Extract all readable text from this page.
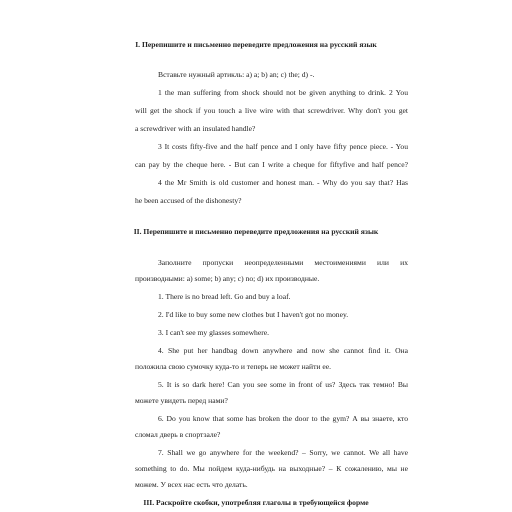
I. Перепишите и письменно переведите предложения на русский язык
Вставьте нужный артикль: a) a; b) an; c) the; d) -.
1 the man suffering from shock should not be given anything to drink. 2 You
will get the shock if you touch a live wire with that screwdriver. Why don't you get
a screwdriver with an insulated handle?
3 It costs fifty-five and the half pence and I only have fifty pence piece. - You
can pay by the cheque here. - But can I write a cheque for fiftyfive and half pence?
4 the Mr Smith is old customer and honest man. - Why do you say that? Has
he been accused of the dishonesty?
II. Перепишите и письменно переведите предложения на русский язык
Заполните пропуски неопределенными местоимениями или их
производными: a) some; b) any; c) no; d) их производные.
1. There is no bread left. Go and buy a loaf.
2. I'd like to buy some new clothes but I haven't got no money.
3. I can't see my glasses somewhere.
4. She put her handbag down anywhere and now she cannot find it. Она
положила свою сумочку куда-то и теперь не может найти ее.
5. It is so dark here! Can you see some in front of us? Здесь так темно! Вы
можете увидеть перед нами?
6. Do you know that some has broken the door to the gym? А вы знаете, кто
сломал дверь в спортзале?
7. Shall we go anywhere for the weekend? – Sorry, we cannot. We all have
something to do. Мы пойдем куда-нибудь на выходные? – К сожалению, мы не
можем. У всех нас есть что делать.
III. Раскройте скобки, употребляя глаголы в требующейся форме
